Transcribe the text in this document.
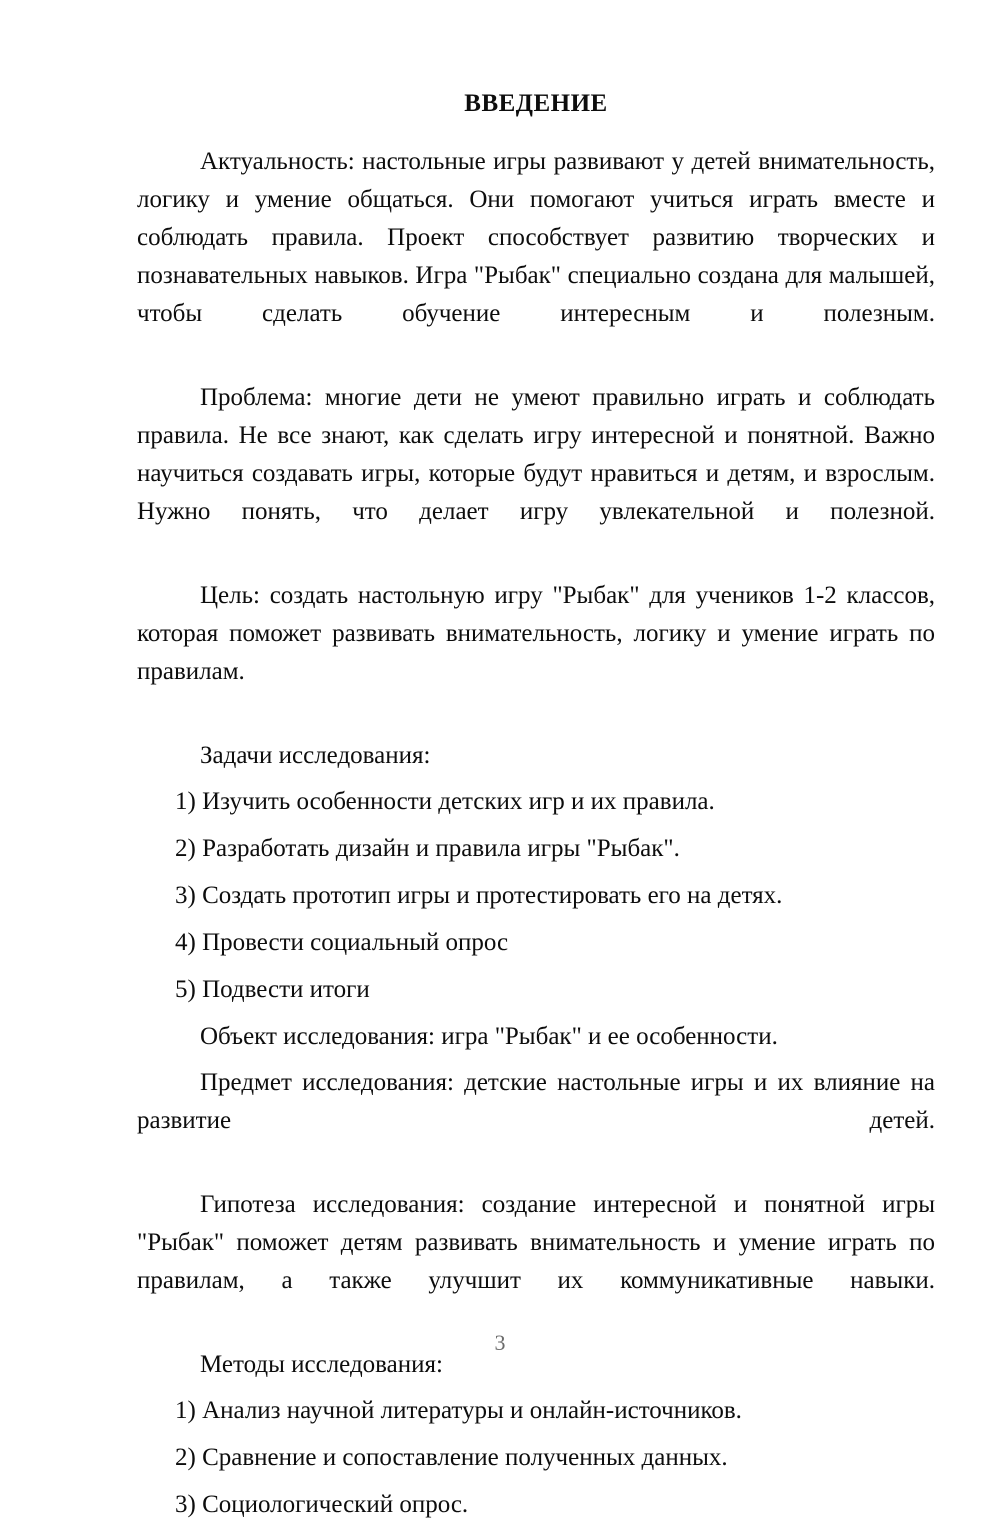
ВВЕДЕНИЕ

Актуальность: настольные игры развивают у детей внимательность, логику и умение общаться. Они помогают учиться играть вместе и соблюдать правила. Проект способствует развитию творческих и познавательных навыков. Игра "Рыбак" специально создана для малышей, чтобы сделать обучение интересным и полезным.

Проблема: многие дети не умеют правильно играть и соблюдать правила. Не все знают, как сделать игру интересной и понятной. Важно научиться создавать игры, которые будут нравиться и детям, и взрослым. Нужно понять, что делает игру увлекательной и полезной.

Цель: создать настольную игру "Рыбак" для учеников 1-2 классов, которая поможет развивать внимательность, логику и умение играть по правилам.

Задачи исследования:

1) Изучить особенности детских игр и их правила.
2) Разработать дизайн и правила игры "Рыбак".
3) Создать прототип игры и протестировать его на детях.
4) Провести социальный опрос
5) Подвести итоги

Объект исследования: игра "Рыбак" и ее особенности.

Предмет исследования: детские настольные игры и их влияние на развитие детей.

Гипотеза исследования: создание интересной и понятной игры "Рыбак" поможет детям развивать внимательность и умение играть по правилам, а также улучшит их коммуникативные навыки.

Методы исследования:

1) Анализ научной литературы и онлайн-источников.
2) Сравнение и сопоставление полученных данных.
3) Социологический опрос.
3
